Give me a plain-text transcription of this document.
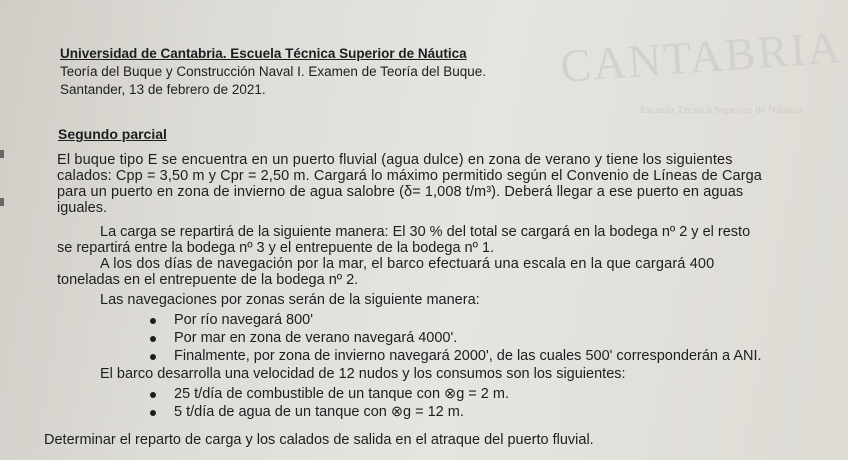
CANTABRIA
Escuela Técnica Superior de Náutica
Universidad de Cantabria. Escuela Técnica Superior de Náutica
Teoría del Buque y Construcción Naval I. Examen de Teoría del Buque.
Santander, 13 de febrero de 2021.
Segundo parcial
El buque tipo E se encuentra en un puerto fluvial (agua dulce) en zona de verano y tiene los siguientes
calados: Cpp = 3,50 m y Cpr = 2,50 m. Cargará lo máximo permitido según el Convenio de Líneas de Carga
para un puerto en zona de invierno de agua salobre (δ= 1,008 t/m³). Deberá llegar a ese puerto en aguas
iguales.
La carga se repartirá de la siguiente manera: El 30 % del total se cargará en la bodega nº 2 y el resto
se repartirá entre la bodega nº 3 y el entrepuente de la bodega nº 1.
A los dos días de navegación por la mar, el barco efectuará una escala en la que cargará 400
toneladas en el entrepuente de la bodega nº 2.
Las navegaciones por zonas serán de la siguiente manera:
Por río navegará 800'
Por mar en zona de verano navegará 4000'.
Finalmente, por zona de invierno navegará 2000', de las cuales 500' corresponderán a ANI.
El barco desarrolla una velocidad de 12 nudos y los consumos son los siguientes:
25 t/día de combustible de un tanque con ⊗g = 2 m.
5 t/día de agua de un tanque con ⊗g = 12 m.
Determinar el reparto de carga y los calados de salida en el atraque del puerto fluvial.
